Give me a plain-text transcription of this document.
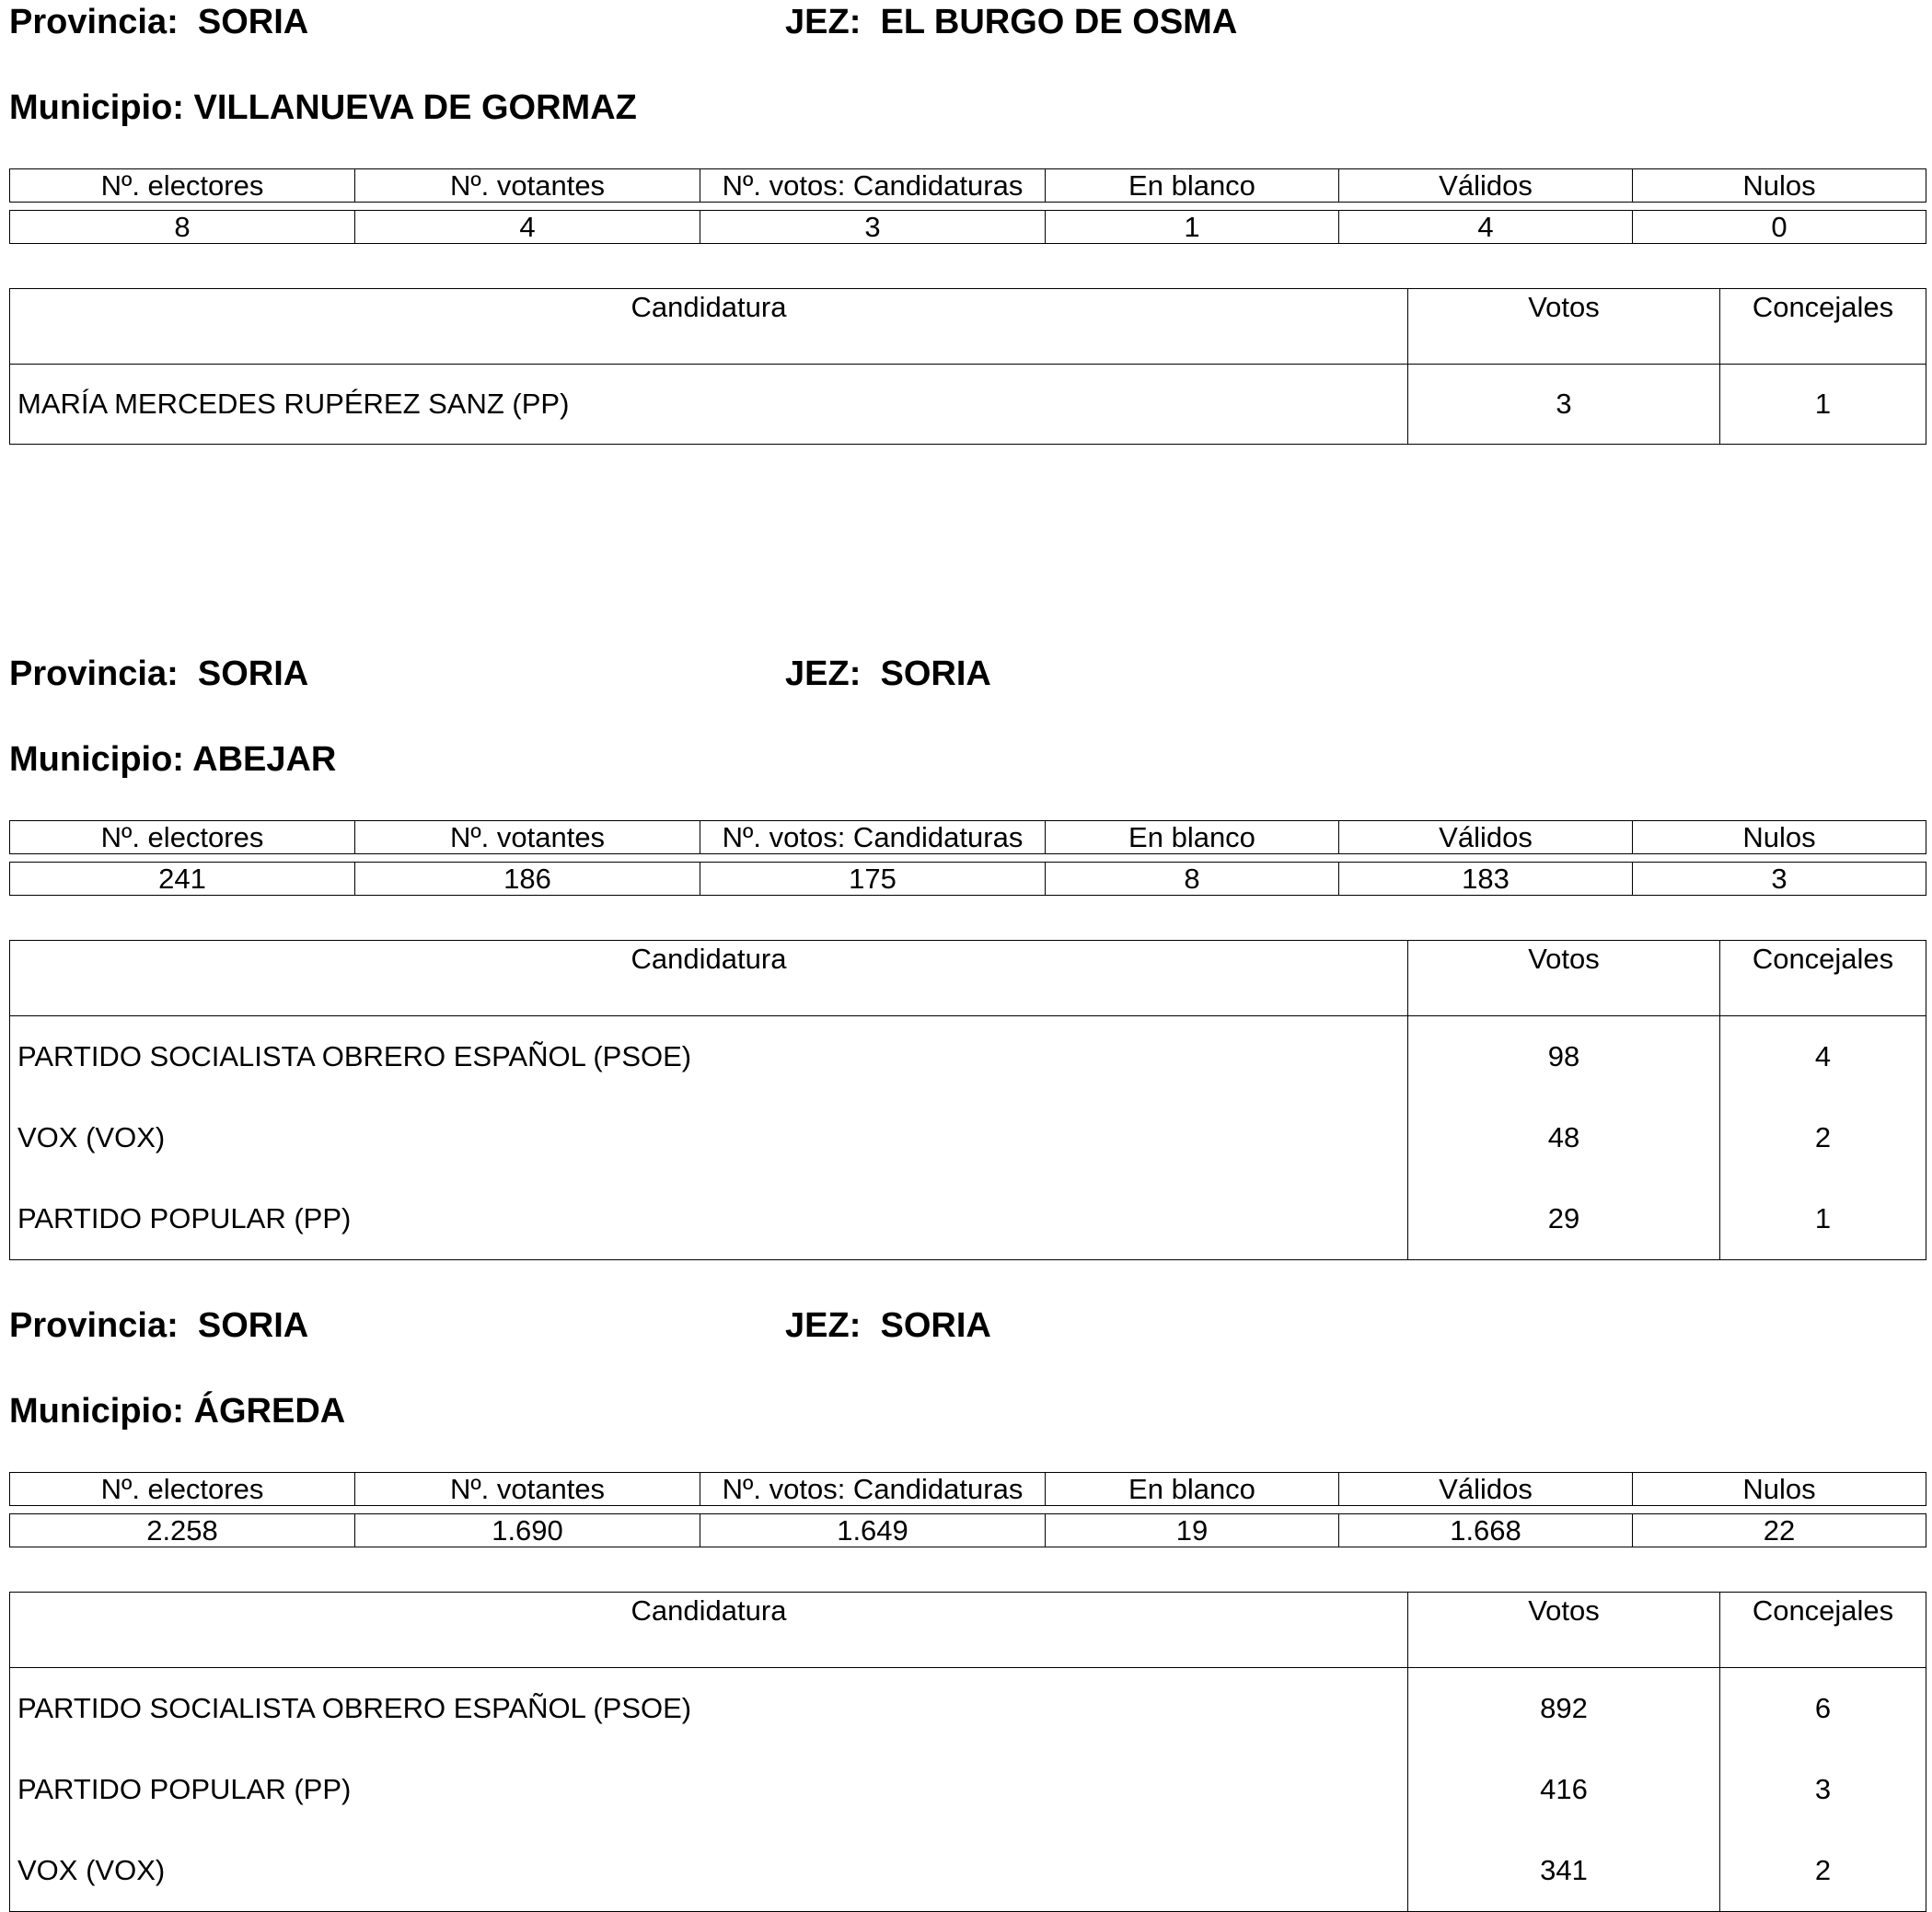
Provincia: SORIA	JEZ: EL BURGO DE OSMA
Municipio: VILLANUEVA DE GORMAZ
Nº. electores	Nº. votantes	Nº. votos: Candidaturas	En blanco	Válidos	Nulos

8	4	3	1	4	0
Candidatura	Votos	Concejales
MARÍA MERCEDES RUPÉREZ SANZ (PP)	3	1
Provincia: SORIA	JEZ: SORIA
Municipio: ABEJAR
Nº. electores	Nº. votantes	Nº. votos: Candidaturas	En blanco	Válidos	Nulos

241	186	175	8	183	3
Candidatura	Votos	Concejales
PARTIDO SOCIALISTA OBRERO ESPAÑOL (PSOE)	98	4
VOX (VOX)	48	2
PARTIDO POPULAR (PP)	29	1
Provincia: SORIA	JEZ: SORIA
Municipio: ÁGREDA
Nº. electores	Nº. votantes	Nº. votos: Candidaturas	En blanco	Válidos	Nulos

2.258	1.690	1.649	19	1.668	22
Candidatura	Votos	Concejales
PARTIDO SOCIALISTA OBRERO ESPAÑOL (PSOE)	892	6
PARTIDO POPULAR (PP)	416	3
VOX (VOX)	341	2
